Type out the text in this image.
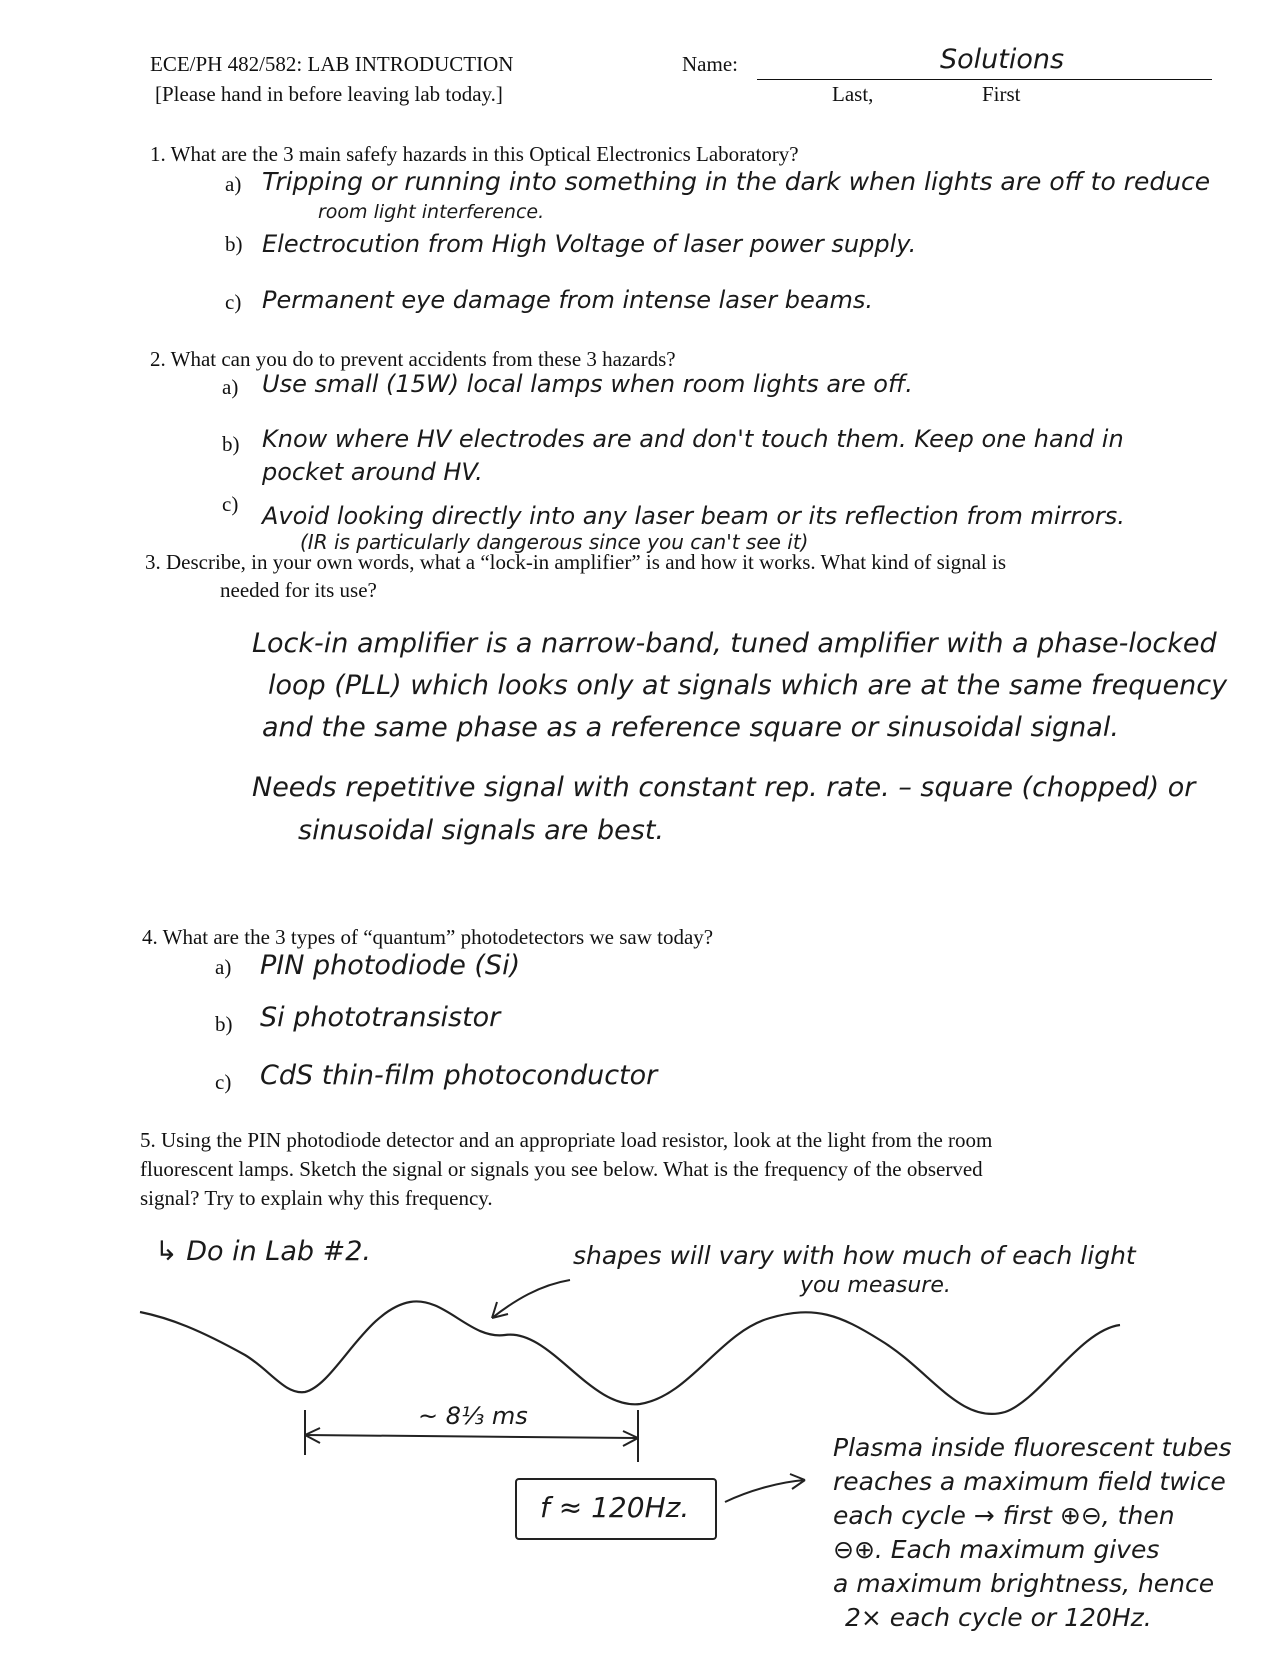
ECE/PH 482/582: LAB INTRODUCTION
[Please hand in before leaving lab today.]
Name:	Solutions
Last,	First
1. What are the 3 main safefy hazards in this Optical Electronics Laboratory?
a) Tripping or running into something in the dark when lights are off to reduce
room light interference.
b) Electrocution from High Voltage of laser power supply.
c) Permanent eye damage from intense laser beams.
2. What can you do to prevent accidents from these 3 hazards?
a) Use small (15W) local lamps when room lights are off.
b) Know where HV electrodes are and don't touch them. Keep one hand in
pocket around HV.
c) Avoid looking directly into any laser beam or its reflection from mirrors.
(IR is particularly dangerous since you can't see it)
3. Describe, in your own words, what a “lock-in amplifier” is and how it works. What kind of signal is
needed for its use?
Lock-in amplifier is a narrow-band, tuned amplifier with a phase-locked
loop (PLL) which looks only at signals which are at the same frequency
and the same phase as a reference square or sinusoidal signal.
Needs repetitive signal with constant rep. rate. – square (chopped) or
sinusoidal signals are best.
4. What are the 3 types of “quantum” photodetectors we saw today?
a) PIN photodiode (Si)
b) Si phototransistor
c) CdS thin-film photoconductor
5. Using the PIN photodiode detector and an appropriate load resistor, look at the light from the room
fluorescent lamps. Sketch the signal or signals you see below. What is the frequency of the observed
signal? Try to explain why this frequency.
↳ Do in Lab #2.	shapes will vary with how much of each light
you measure.
~ 8⅓ ms
f ≈ 120Hz.
Plasma inside fluorescent tubes
reaches a maximum field twice
each cycle → first ⊕⊖, then
⊖⊕. Each maximum gives
a maximum brightness, hence
2× each cycle or 120Hz.
